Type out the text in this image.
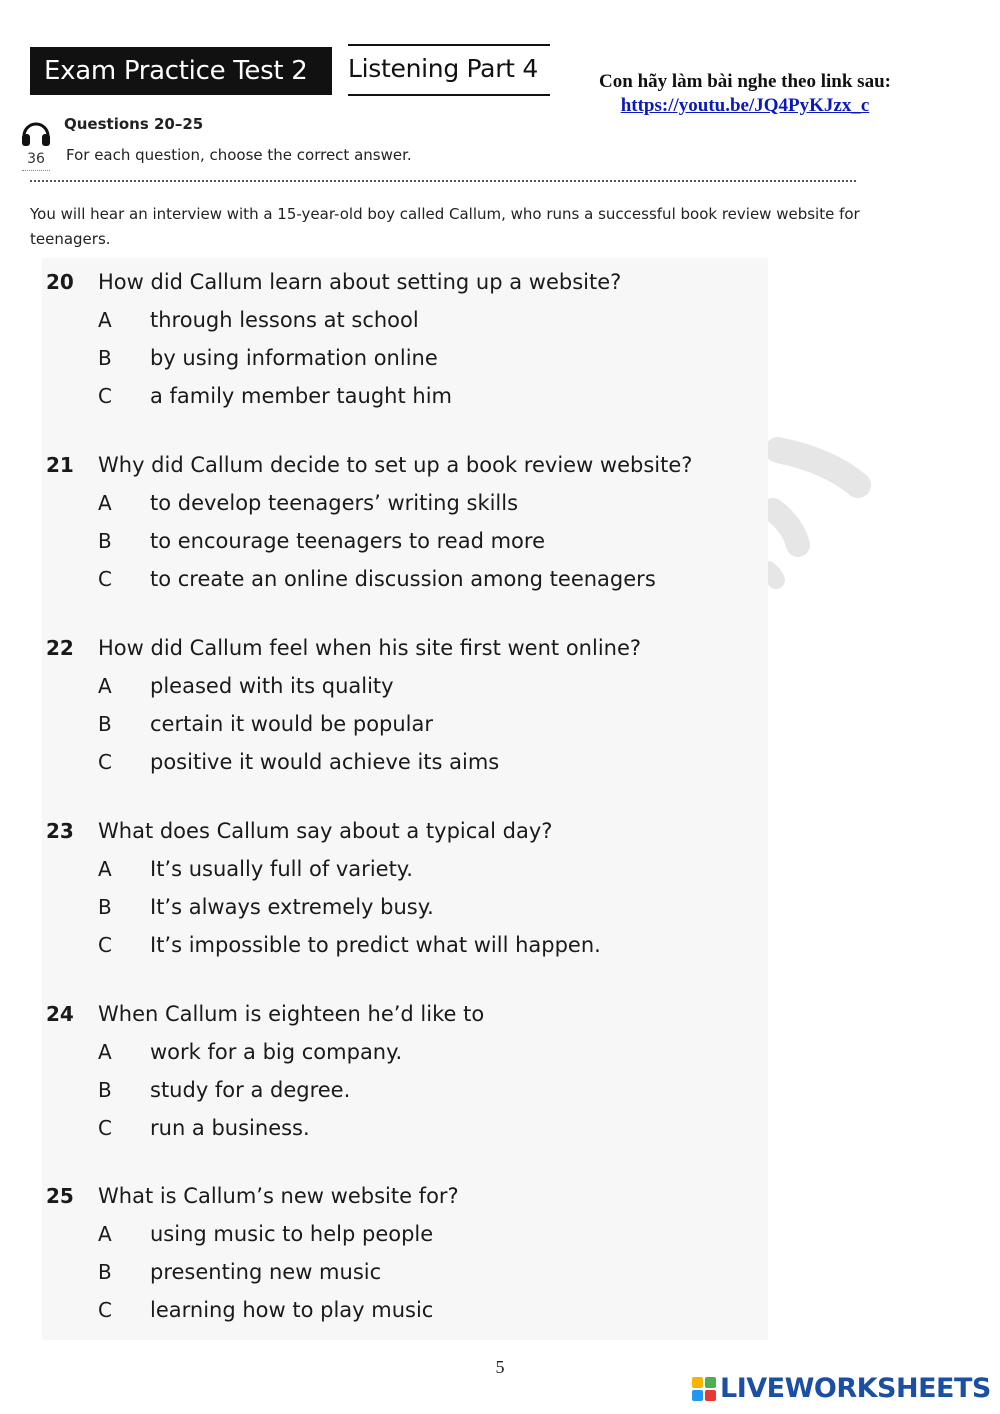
Exam Practice Test 2	Listening Part 4	Con hãy làm bài nghe theo link sau:
https://youtu.be/JQ4PyKJzx_c
36
Questions 20–25
For each question, choose the correct answer.
You will hear an interview with a 15-year-old boy called Callum, who runs a successful book review website for teenagers.
20	How did Callum learn about setting up a website?
A	through lessons at school
B	by using information online
C	a family member taught him
21	Why did Callum decide to set up a book review website?
A	to develop teenagers’ writing skills
B	to encourage teenagers to read more
C	to create an online discussion among teenagers
22	How did Callum feel when his site first went online?
A	pleased with its quality
B	certain it would be popular
C	positive it would achieve its aims
23	What does Callum say about a typical day?
A	It’s usually full of variety.
B	It’s always extremely busy.
C	It’s impossible to predict what will happen.
24	When Callum is eighteen he’d like to
A	work for a big company.
B	study for a degree.
C	run a business.
25	What is Callum’s new website for?
A	using music to help people
B	presenting new music
C	learning how to play music
5
LIVEWORKSHEETS
